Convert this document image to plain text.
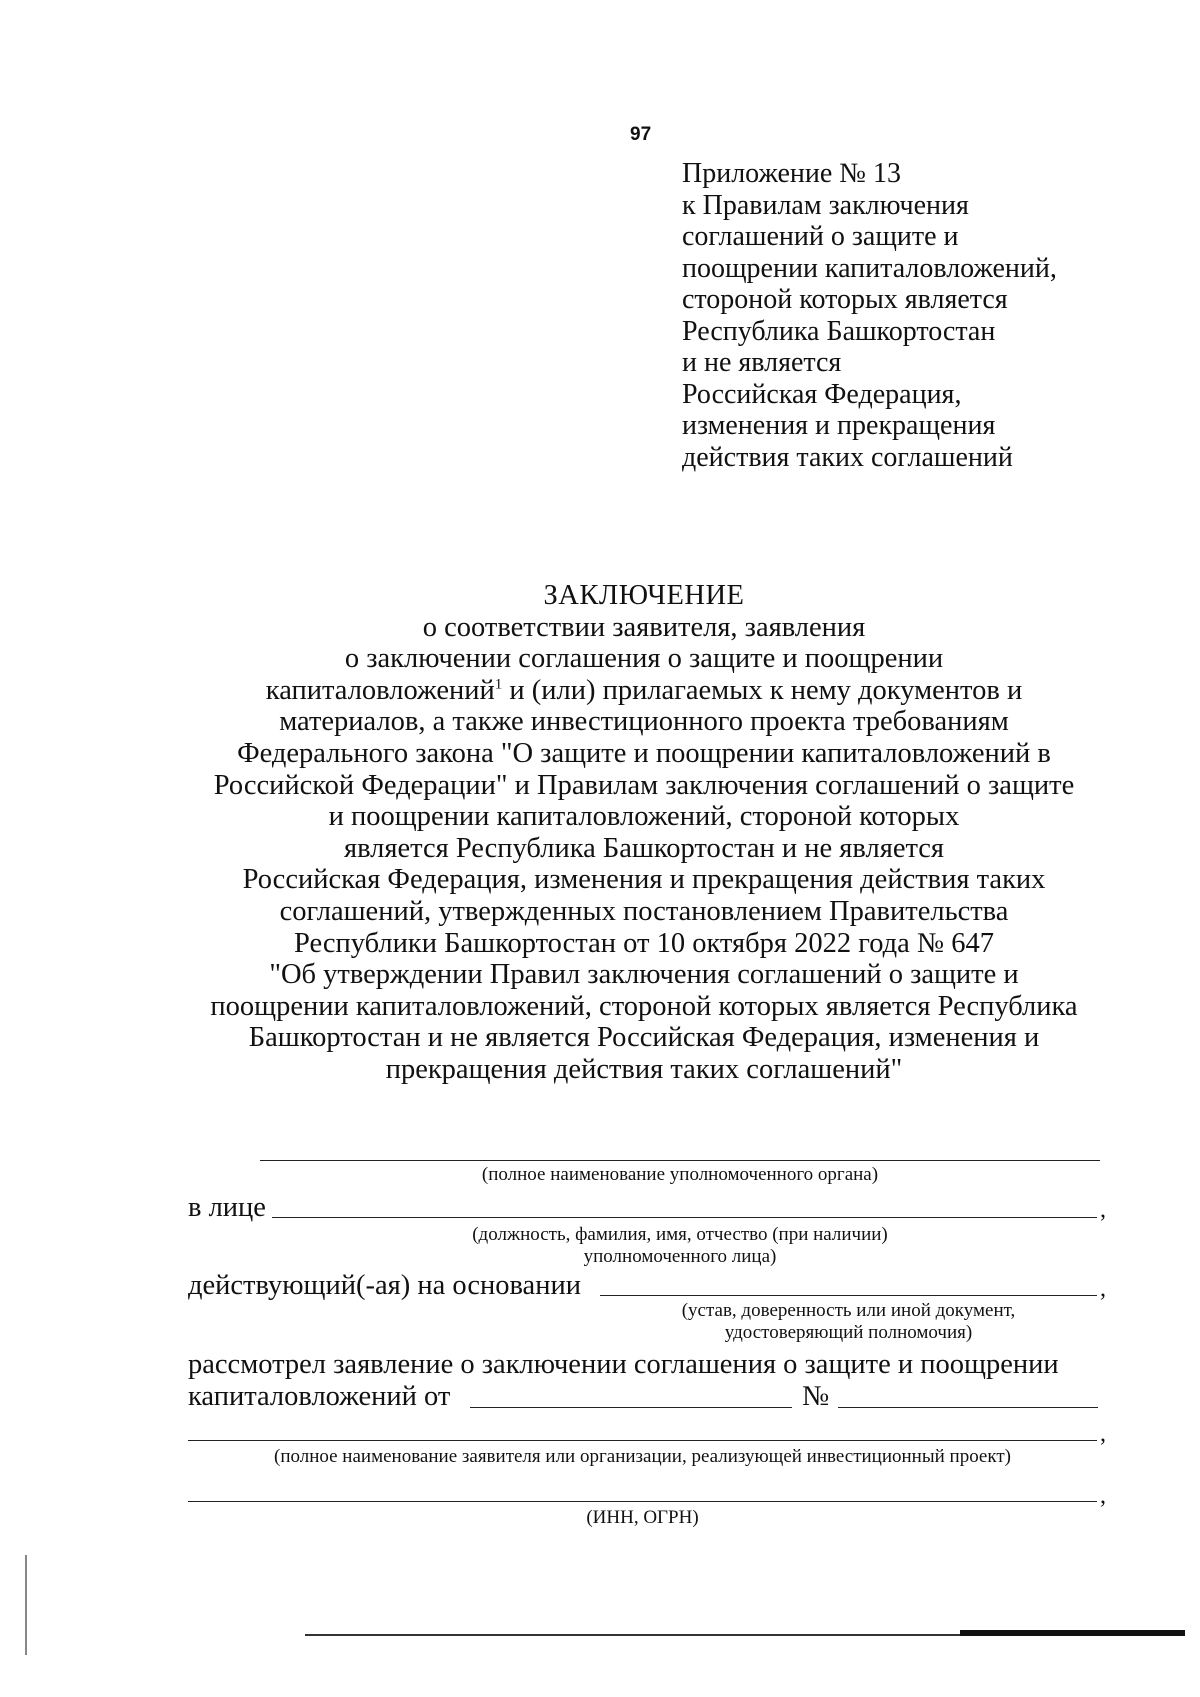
97
Приложение № 13
к Правилам заключения
соглашений о защите и
поощрении капиталовложений,
стороной которых является
Республика Башкортостан
и не является
Российская Федерация,
изменения и прекращения
действия таких соглашений
ЗАКЛЮЧЕНИЕ
о соответствии заявителя, заявления
о заключении соглашения о защите и поощрении
капиталовложений$^1$ и (или) прилагаемых к нему документов и
материалов, а также инвестиционного проекта требованиям
Федерального закона "О защите и поощрении капиталовложений в
Российской Федерации" и Правилам заключения соглашений о защите
и поощрении капиталовложений, стороной которых
является Республика Башкортостан и не является
Российская Федерация, изменения и прекращения действия таких
соглашений, утвержденных постановлением Правительства
Республики Башкортостан от 10 октября 2022 года № 647
"Об утверждении Правил заключения соглашений о защите и
поощрении капиталовложений, стороной которых является Республика
Башкортостан и не является Российская Федерация, изменения и
прекращения действия таких соглашений"
(полное наименование уполномоченного органа)
в лице	,
(должность, фамилия, имя, отчество (при наличии)
уполномоченного лица)
действующий(-ая) на основании	,
(устав, доверенность или иной документ,
удостоверяющий полномочия)
рассмотрел заявление о заключении соглашения о защите и поощрении
капиталовложений от	№
,
(полное наименование заявителя или организации, реализующей инвестиционный проект)
,
(ИНН, ОГРН)
